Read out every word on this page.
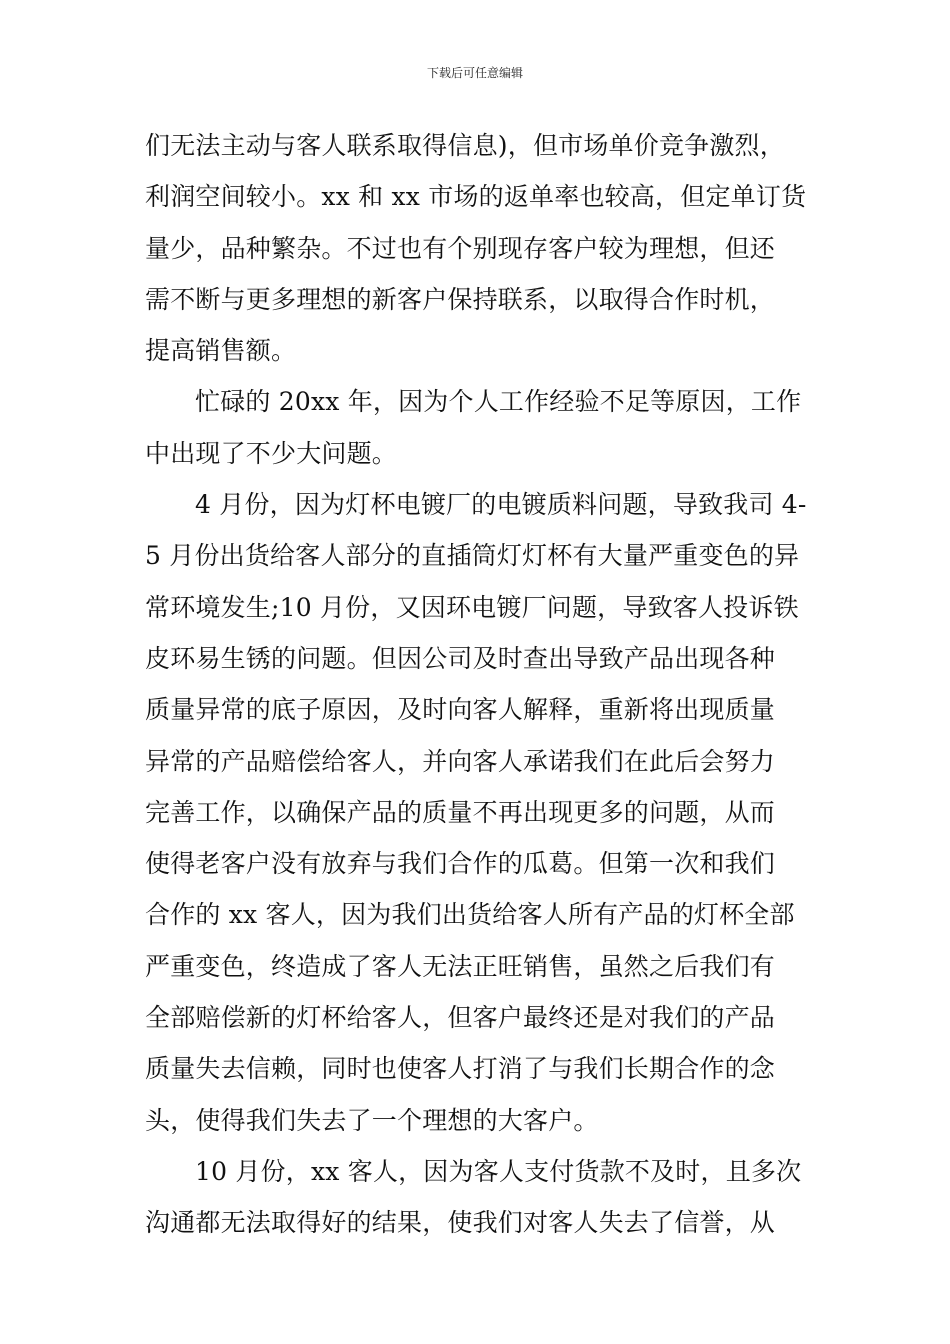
下载后可任意编辑
们无法主动与客人联系取得信息)，但市场单价竞争激烈，
利润空间较小。xx 和 xx 市场的返单率也较高，但定单订货
量少，品种繁杂。不过也有个别现存客户较为理想，但还
需不断与更多理想的新客户保持联系，以取得合作时机，
提高销售额。
忙碌的 20xx 年，因为个人工作经验不足等原因，工作
中出现了不少大问题。
4 月份，因为灯杯电镀厂的电镀质料问题，导致我司 4-
5 月份出货给客人部分的直插筒灯灯杯有大量严重变色的异
常环境发生;10 月份，又因环电镀厂问题，导致客人投诉铁
皮环易生锈的问题。但因公司及时查出导致产品出现各种
质量异常的底子原因，及时向客人解释，重新将出现质量
异常的产品赔偿给客人，并向客人承诺我们在此后会努力
完善工作，以确保产品的质量不再出现更多的问题，从而
使得老客户没有放弃与我们合作的瓜葛。但第一次和我们
合作的 xx 客人，因为我们出货给客人所有产品的灯杯全部
严重变色，终造成了客人无法正旺销售，虽然之后我们有
全部赔偿新的灯杯给客人，但客户最终还是对我们的产品
质量失去信赖，同时也使客人打消了与我们长期合作的念
头，使得我们失去了一个理想的大客户。
10 月份，xx 客人，因为客人支付货款不及时，且多次
沟通都无法取得好的结果，使我们对客人失去了信誉，从
